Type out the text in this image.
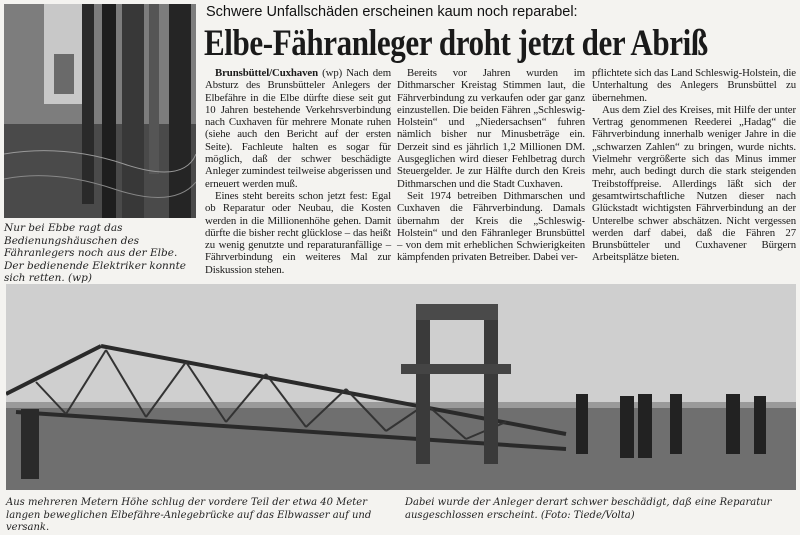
Nur bei Ebbe ragt das Bedienungshäuschen des Fähranlegers noch aus der Elbe. Der bedienende Elektriker konnte sich retten. (wp)
Schwere Unfallschäden erscheinen kaum noch reparabel:
Elbe-Fähranleger droht jetzt der Abriß

Brunsbüttel/Cuxhaven (wp) Nach dem Absturz des Brunsbütteler Anlegers der Elbefähre in die Elbe dürfte diese seit gut 10 Jahren bestehende Verkehrsverbindung nach Cuxhaven für mehrere Monate ruhen (siehe auch den Bericht auf der ersten Seite). Fachleute halten es sogar für möglich, daß der schwer beschädigte Anleger zumindest teilweise abgerissen und erneuert werden muß.

Eines steht bereits schon jetzt fest: Egal ob Reparatur oder Neubau, die Kosten werden in die Millionenhöhe gehen. Damit dürfte die bisher recht glücklose – das heißt zu wenig genutzte und reparaturanfällige – Fährverbindung ein weiteres Mal zur Diskussion stehen.

Bereits vor Jahren wurden im Dithmarscher Kreistag Stimmen laut, die Fährverbindung zu verkaufen oder gar ganz einzustellen. Die beiden Fähren „Schleswig-Holstein“ und „Niedersachsen“ fuhren nämlich bisher nur Minusbeträge ein. Derzeit sind es jährlich 1,2 Millionen DM. Ausgeglichen wird dieser Fehlbetrag durch Steuergelder. Je zur Hälfte durch den Kreis Dithmarschen und die Stadt Cuxhaven.

Seit 1974 betreiben Dithmarschen und Cuxhaven die Fährverbindung. Damals übernahm der Kreis die „Schleswig-Holstein“ und den Fähranleger Brunsbüttel – von dem mit erheblichen Schwierigkeiten kämpfenden privaten Betreiber. Dabei ver-

pflichtete sich das Land Schleswig-Holstein, die Unterhaltung des Anlegers Brunsbüttel zu übernehmen.

Aus dem Ziel des Kreises, mit Hilfe der unter Vertrag genommenen Reederei „Hadag“ die Fährverbindung innerhalb weniger Jahre in die „schwarzen Zahlen“ zu bringen, wurde nichts. Vielmehr vergrößerte sich das Minus immer mehr, auch bedingt durch die stark steigenden Treibstoffpreise. Allerdings läßt sich der gesamtwirtschaftliche Nutzen dieser nach Glückstadt wichtigsten Fährverbindung an der Unterelbe schwer abschätzen. Nicht vergessen werden darf dabei, daß die Fähren 27 Brunsbütteler und Cuxhavener Bürgern Arbeitsplätze bieten.

Aus mehreren Metern Höhe schlug der vordere Teil der etwa 40 Meter langen beweglichen Elbefähre-Anlegebrücke auf das Elbwasser auf und versank.
Dabei wurde der Anleger derart schwer beschädigt, daß eine Reparatur ausgeschlossen erscheint. (Foto: Tiede/Volta)
